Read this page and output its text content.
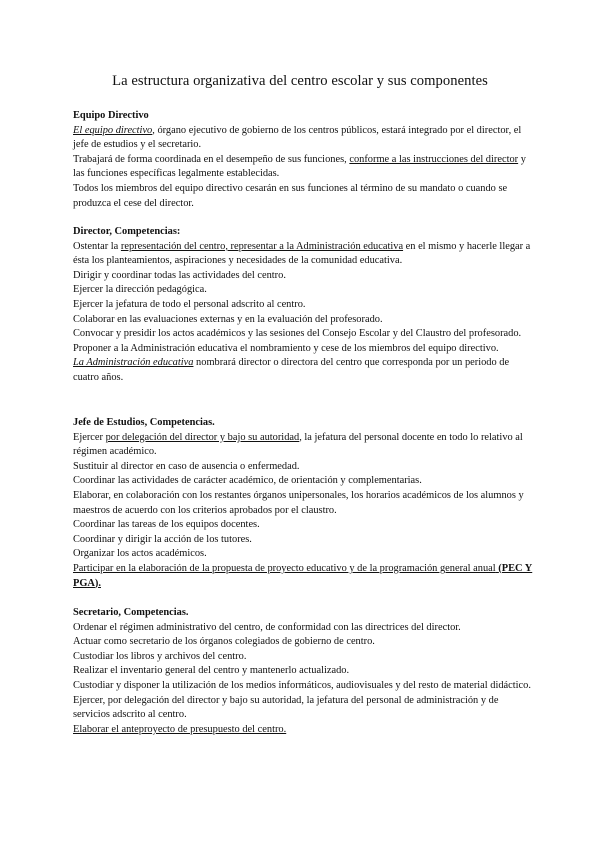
La estructura organizativa del centro escolar y sus componentes
Equipo Directivo
El equipo directivo, órgano ejecutivo de gobierno de los centros públicos, estará integrado por el director, el jefe de estudios y el secretario.
Trabajará de forma coordinada en el desempeño de sus funciones, conforme a las instrucciones del director y las funciones específicas legalmente establecidas.
Todos los miembros del equipo directivo cesarán en sus funciones al término de su mandato o cuando se produzca el cese del director.
Director, Competencias:
Ostentar la representación del centro, representar a la Administración educativa en el mismo y hacerle llegar a ésta los planteamientos, aspiraciones y necesidades de la comunidad educativa.
Dirigir y coordinar todas las actividades del centro.
Ejercer la dirección pedagógica.
Ejercer la jefatura de todo el personal adscrito al centro.
Colaborar en las evaluaciones externas y en la evaluación del profesorado.
Convocar y presidir los actos académicos y las sesiones del Consejo Escolar y del Claustro del profesorado.
Proponer a la Administración educativa el nombramiento y cese de los miembros del equipo directivo.
La Administración educativa nombrará director o directora del centro que corresponda por un periodo de cuatro años.
Jefe de Estudios, Competencias.
Ejercer por delegación del director y bajo su autoridad, la jefatura del personal docente en todo lo relativo al régimen académico.
Sustituir al director en caso de ausencia o enfermedad.
Coordinar las actividades de carácter académico, de orientación y complementarias.
Elaborar, en colaboración con los restantes órganos unipersonales, los horarios académicos de los alumnos y maestros de acuerdo con los criterios aprobados por el claustro.
Coordinar las tareas de los equipos docentes.
Coordinar y dirigir la acción de los tutores.
Organizar los actos académicos.
Participar en la elaboración de la propuesta de proyecto educativo y de la programación general anual (PEC Y PGA).
Secretario, Competencias.
Ordenar el régimen administrativo del centro, de conformidad con las directrices del director.
Actuar como secretario de los órganos colegiados de gobierno de centro.
Custodiar los libros y archivos del centro.
Realizar el inventario general del centro y mantenerlo actualizado.
Custodiar y disponer la utilización de los medios informáticos, audiovisuales y del resto de material didáctico.
Ejercer, por delegación del director y bajo su autoridad, la jefatura del personal de administración y de servicios adscrito al centro.
Elaborar el anteproyecto de presupuesto del centro.
